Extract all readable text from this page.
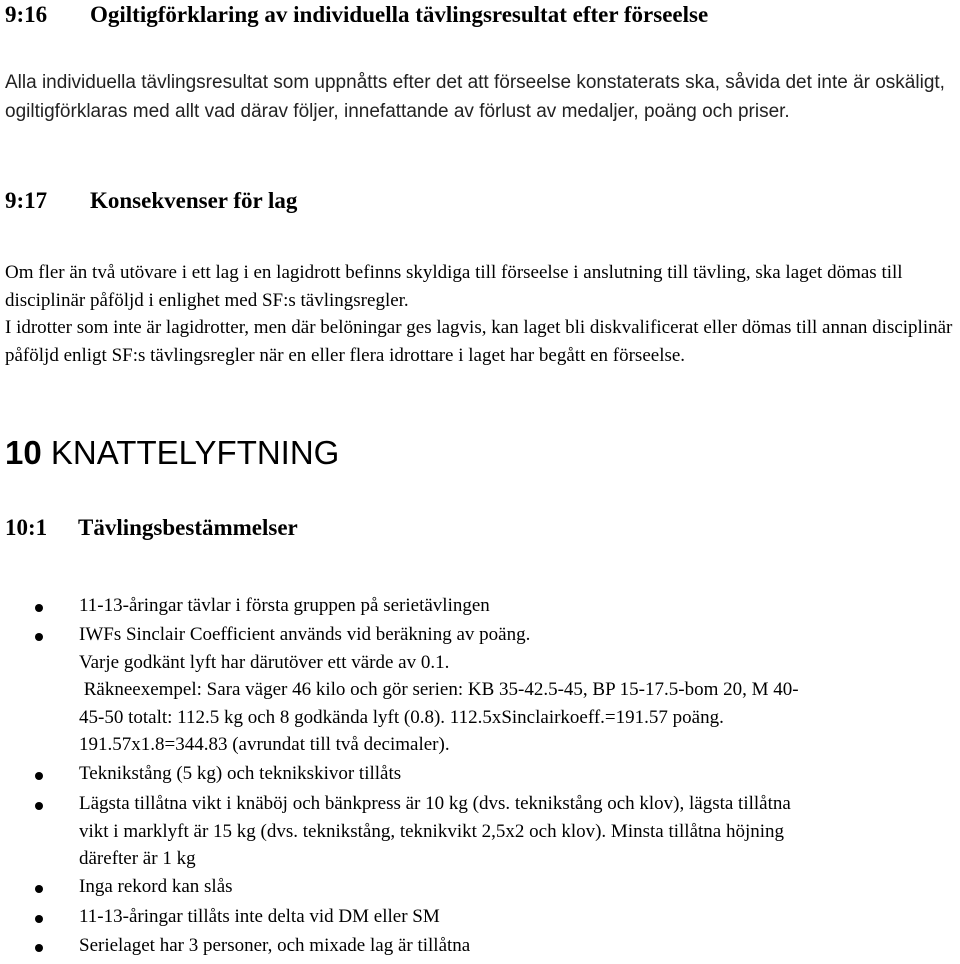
9:16 Ogiltigförklaring av individuella tävlingsresultat efter förseelse
Alla individuella tävlingsresultat som uppnåtts efter det att förseelse konstaterats ska, såvida det inte är oskäligt, ogiltigförklaras med allt vad därav följer, innefattande av förlust av medaljer, poäng och priser.
9:17 Konsekvenser för lag
Om fler än två utövare i ett lag i en lagidrott befinns skyldiga till förseelse i anslutning till tävling, ska laget dömas till disciplinär påföljd i enlighet med SF:s tävlingsregler.
I idrotter som inte är lagidrotter, men där belöningar ges lagvis, kan laget bli diskvalificerat eller dömas till annan disciplinär påföljd enligt SF:s tävlingsregler när en eller flera idrottare i laget har begått en förseelse.
10 KNATTELYFTNING
10:1 Tävlingsbestämmelser
11-13-åringar tävlar i första gruppen på serietävlingen
IWFs Sinclair Coefficient används vid beräkning av poäng.
Varje godkänt lyft har därutöver ett värde av 0.1.
Räkneexempel: Sara väger 46 kilo och gör serien: KB 35-42.5-45, BP 15-17.5-bom 20, M 40-
45-50 totalt: 112.5 kg och 8 godkända lyft (0.8). 112.5xSinclairkoeff.=191.57 poäng.
191.57x1.8=344.83 (avrundat till två decimaler).
Teknikstång (5 kg) och teknikskivor tillåts
Lägsta tillåtna vikt i knäböj och bänkpress är 10 kg (dvs. teknikstång och klov), lägsta tillåtna
vikt i marklyft är 15 kg (dvs. teknikstång, teknikvikt 2,5x2 och klov). Minsta tillåtna höjning
därefter är 1 kg
Inga rekord kan slås
11-13-åringar tillåts inte delta vid DM eller SM
Serielaget har 3 personer, och mixade lag är tillåtna
